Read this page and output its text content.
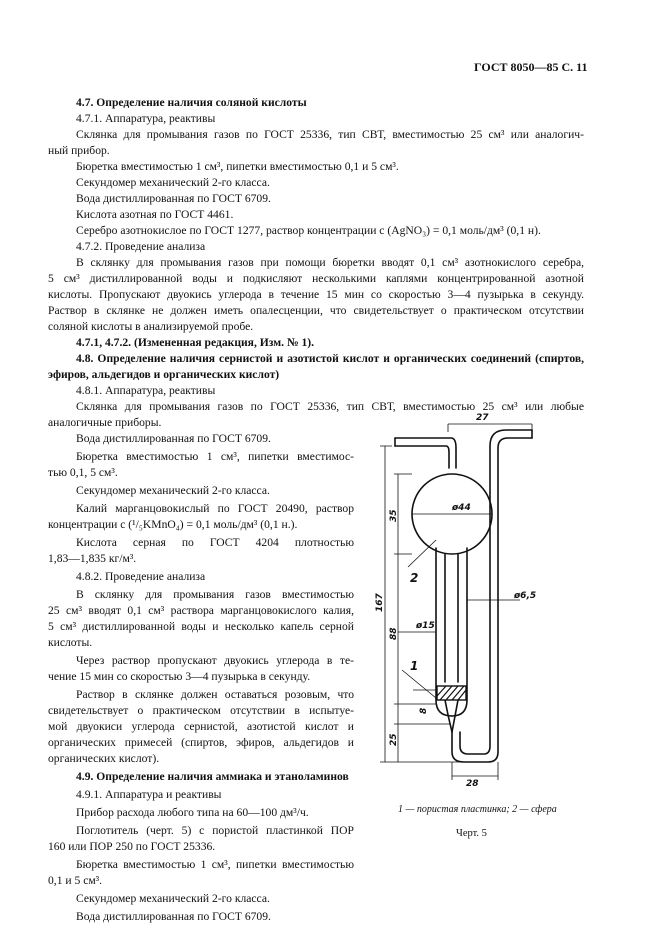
ГОСТ 8050—85 С. 11
4.7. Определение наличия соляной кислоты
4.7.1. Аппаратура, реактивы
Склянка для промывания газов по ГОСТ 25336, тип СВТ, вместимостью 25 см³ или аналогич-
ный прибор.
Бюретка вместимостью 1 см³, пипетки вместимостью 0,1 и 5 см³.
Секундомер механический 2-го класса.
Вода дистиллированная по ГОСТ 6709.
Кислота азотная по ГОСТ 4461.
Серебро азотнокислое по ГОСТ 1277, раствор концентрации c (AgNO₃) = 0,1 моль/дм³ (0,1 н).
4.7.2. Проведение анализа
В склянку для промывания газов при помощи бюретки вводят 0,1 см³ азотнокислого серебра,
5 см³ дистиллированной воды и подкисляют несколькими каплями концентрированной азотной
кислоты. Пропускают двуокись углерода в течение 15 мин со скоростью 3—4 пузырька в секунду.
Раствор в склянке не должен иметь опалесценции, что свидетельствует о практическом отсутствии
соляной кислоты в анализируемой пробе.
4.7.1, 4.7.2. (Измененная редакция, Изм. № 1).
4.8. Определение наличия сернистой и азотистой кислот и органических соединений (спиртов,
эфиров, альдегидов и органических кислот)
4.8.1. Аппаратура, реактивы
Склянка для промывания газов по ГОСТ 25336, тип СВТ, вместимостью 25 см³ или любые
аналогичные приборы.
Вода дистиллированная по ГОСТ 6709.
Бюретка вместимостью 1 см³, пипетки вместимос-
тью 0,1, 5 см³.
Секундомер механический 2-го класса.
Калий марганцовокислый по ГОСТ 20490, раствор
концентрации c (¹/₅KMnO₄) = 0,1 моль/дм³ (0,1 н.).
Кислота серная по ГОСТ 4204 плотностью
1,83—1,835 кг/м³.
4.8.2. Проведение анализа
В склянку для промывания газов вместимостью
25 см³ вводят 0,1 см³ раствора марганцовокислого калия,
5 см³ дистиллированной воды и несколько капель серной
кислоты.
Через раствор пропускают двуокись углерода в те-
чение 15 мин со скоростью 3—4 пузырька в секунду.
Раствор в склянке должен оставаться розовым, что
свидетельствует о практическом отсутствии в испытуе-
мой двуокиси углерода сернистой, азотистой кислот и
органических примесей (спиртов, эфиров, альдегидов и
органических кислот).
4.9. Определение наличия аммиака и этаноламинов
4.9.1. Аппаратура и реактивы
Прибор расхода любого типа на 60—100 дм³/ч.
Поглотитель (черт. 5) с пористой пластинкой ПОР
160 или ПОР 250 по ГОСТ 25336.
Бюретка вместимостью 1 см³, пипетки вместимостью
0,1 и 5 см³.
Секундомер механический 2-го класса.
Вода дистиллированная по ГОСТ 6709.
27
35
ø44
167
88
ø15
ø6,5
8
25
28
1
2
1 — пористая пластинка; 2 — сфера
Черт. 5
